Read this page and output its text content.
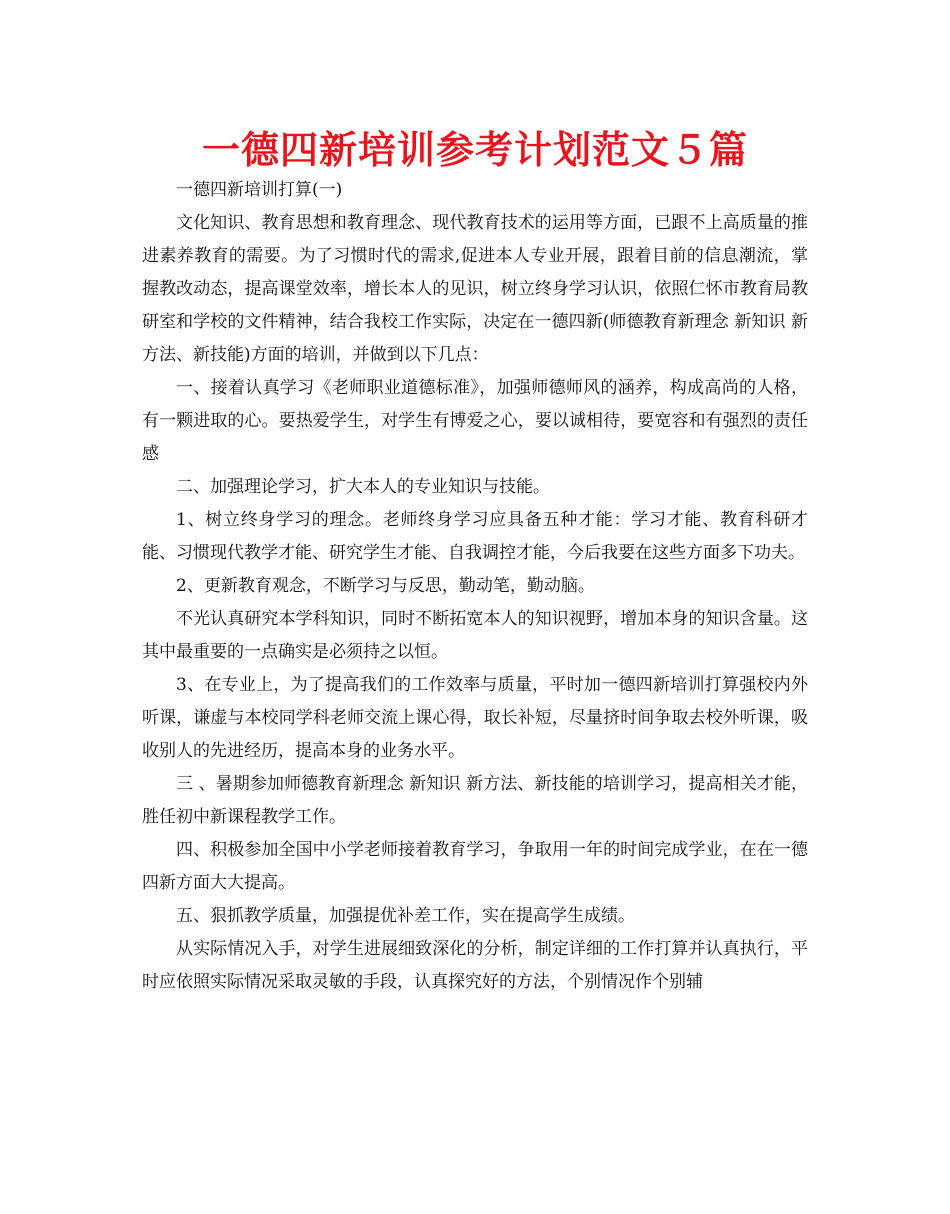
一德四新培训参考计划范文５篇

一德四新培训打算(一)

文化知识、教育思想和教育理念、现代教育技术的运用等方面，已跟不上高质量的推进素养教育的需要。为了习惯时代的需求,促进本人专业开展，跟着目前的信息潮流，掌握教改动态，提高课堂效率，增长本人的见识，树立终身学习认识，依照仁怀市教育局教研室和学校的文件精神，结合我校工作实际，决定在一德四新(师德教育新理念 新知识 新方法、新技能)方面的培训，并做到以下几点：

一、接着认真学习《老师职业道德标准》，加强师德师风的涵养，构成高尚的人格，有一颗进取的心。要热爱学生，对学生有博爱之心，要以诚相待，要宽容和有强烈的责任感

二、加强理论学习，扩大本人的专业知识与技能。

1、树立终身学习的理念。老师终身学习应具备五种才能：学习才能、教育科研才能、习惯现代教学才能、研究学生才能、自我调控才能，今后我要在这些方面多下功夫。

2、更新教育观念，不断学习与反思，勤动笔，勤动脑。

不光认真研究本学科知识，同时不断拓宽本人的知识视野，增加本身的知识含量。这其中最重要的一点确实是必须持之以恒。

3、在专业上，为了提高我们的工作效率与质量，平时加一德四新培训打算强校内外听课，谦虚与本校同学科老师交流上课心得，取长补短，尽量挤时间争取去校外听课，吸收别人的先进经历，提高本身的业务水平。

三 、暑期参加师德教育新理念 新知识 新方法、新技能的培训学习，提高相关才能，胜任初中新课程教学工作。

四、积极参加全国中小学老师接着教育学习，争取用一年的时间完成学业，在在一德四新方面大大提高。

五、狠抓教学质量，加强提优补差工作，实在提高学生成绩。

从实际情况入手，对学生进展细致深化的分析，制定详细的工作打算并认真执行，平时应依照实际情况采取灵敏的手段，认真探究好的方法，个别情况作个别辅
